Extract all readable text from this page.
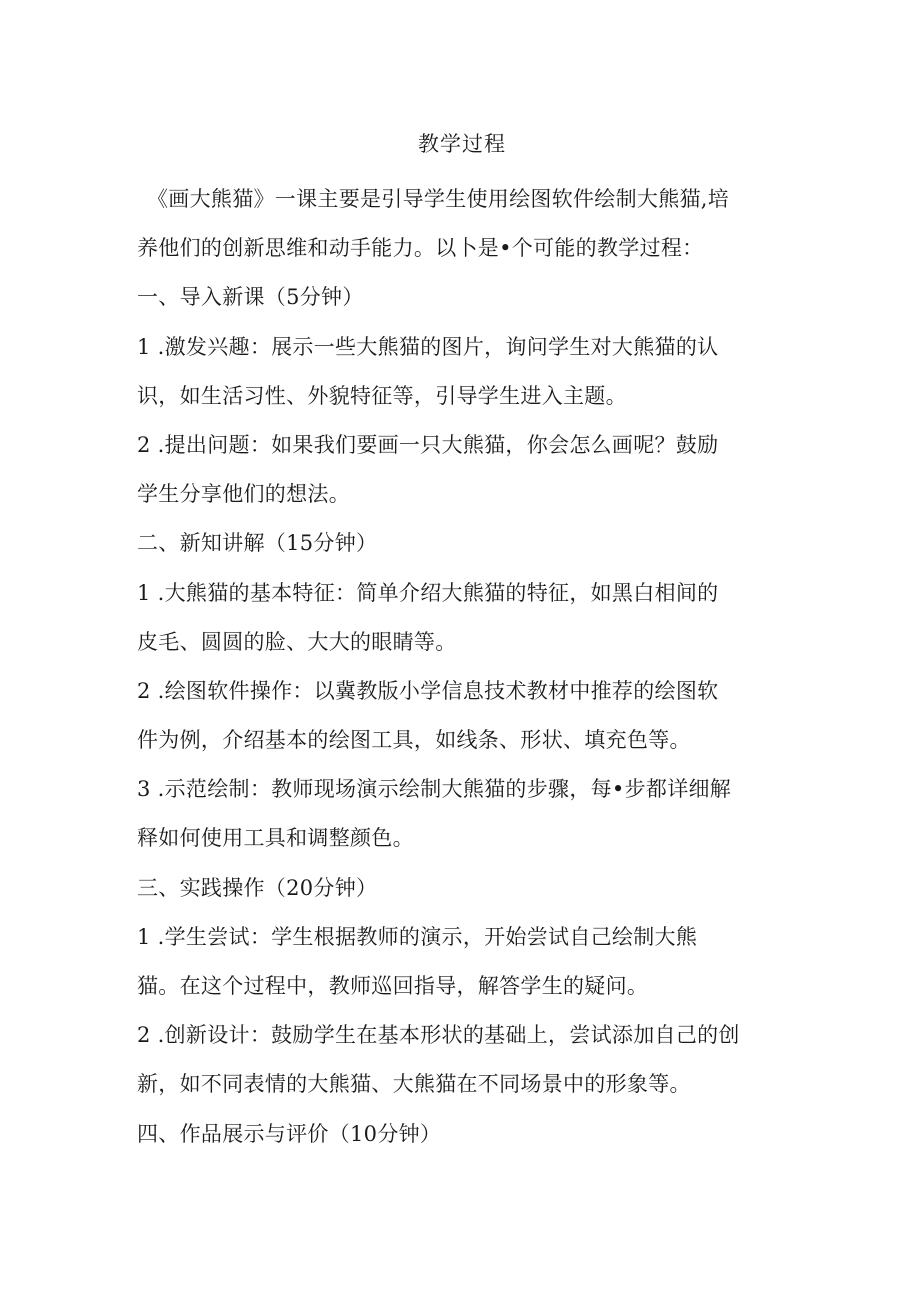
教学过程
《画大熊猫》一课主要是引导学生使用绘图软件绘制大熊猫,培
养他们的创新思维和动手能力。以卜是•个可能的教学过程：
一、导入新课（5分钟）
1 .激发兴趣：展示一些大熊猫的图片，询问学生对大熊猫的认
识，如生活习性、外貌特征等，引导学生进入主题。
2 .提出问题：如果我们要画一只大熊猫，你会怎么画呢？鼓励
学生分享他们的想法。
二、新知讲解（15分钟）
1 .大熊猫的基本特征：简单介绍大熊猫的特征，如黑白相间的
皮毛、圆圆的脸、大大的眼睛等。
2 .绘图软件操作：以冀教版小学信息技术教材中推荐的绘图软
件为例，介绍基本的绘图工具，如线条、形状、填充色等。
3 .示范绘制：教师现场演示绘制大熊猫的步骤，每•步都详细解
释如何使用工具和调整颜色。
三、实践操作（20分钟）
1 .学生尝试：学生根据教师的演示，开始尝试自己绘制大熊
猫。在这个过程中，教师巡回指导，解答学生的疑问。
2 .创新设计：鼓励学生在基本形状的基础上，尝试添加自己的创
新，如不同表情的大熊猫、大熊猫在不同场景中的形象等。
四、作品展示与评价（10分钟）
